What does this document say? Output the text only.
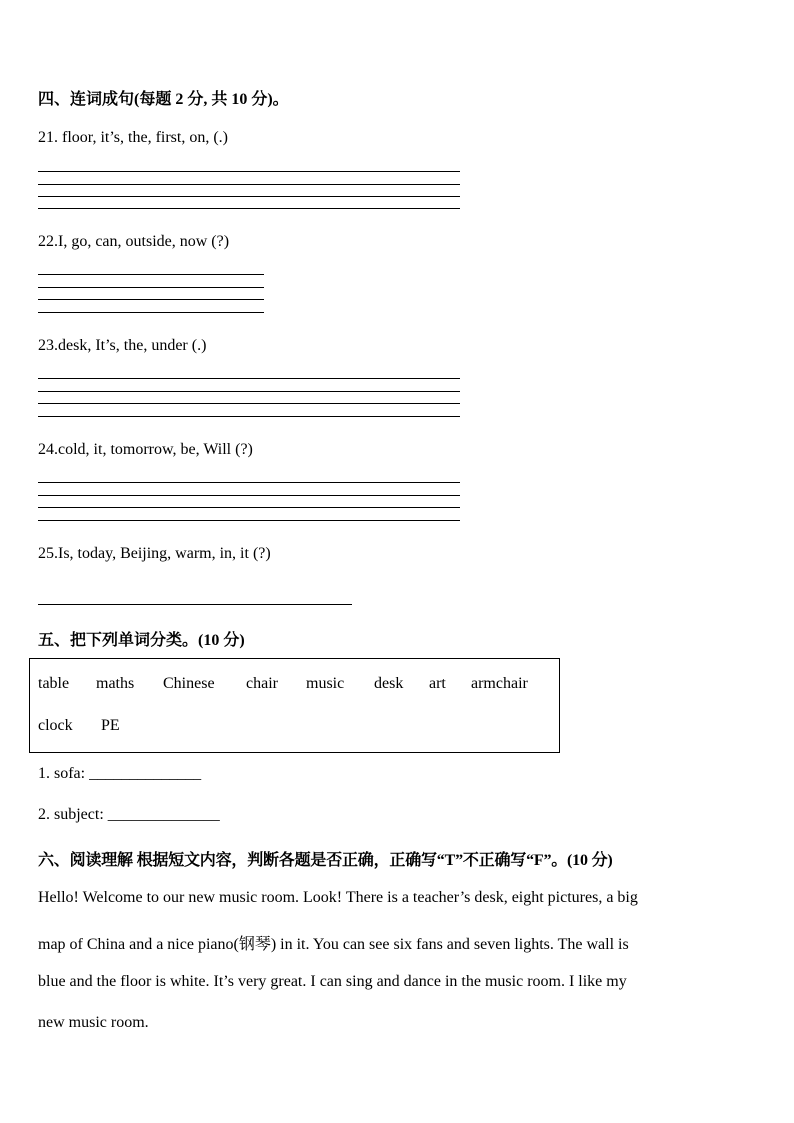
四、连词成句(每题 2 分, 共 10 分)。
21. floor, it’s, the, first, on, (.)
22.I, go, can, outside, now (?)
23.desk, It’s, the, under (.)
24.cold, it, tomorrow, be, Will (?)
25.Is, today, Beijing, warm, in, it (?)
五、把下列单词分类。(10 分)
table maths Chinese chair music desk art armchair
clock PE
1. sofa: ______________
2. subject: ______________
六、阅读理解 根据短文内容，判断各题是否正确，正确写“T”不正确写“F”。(10 分)
Hello! Welcome to our new music room. Look! There is a teacher’s desk, eight pictures, a big
map of China and a nice piano(钢琴) in it. You can see six fans and seven lights. The wall is
blue and the floor is white. It’s very great. I can sing and dance in the music room. I like my
new music room.
